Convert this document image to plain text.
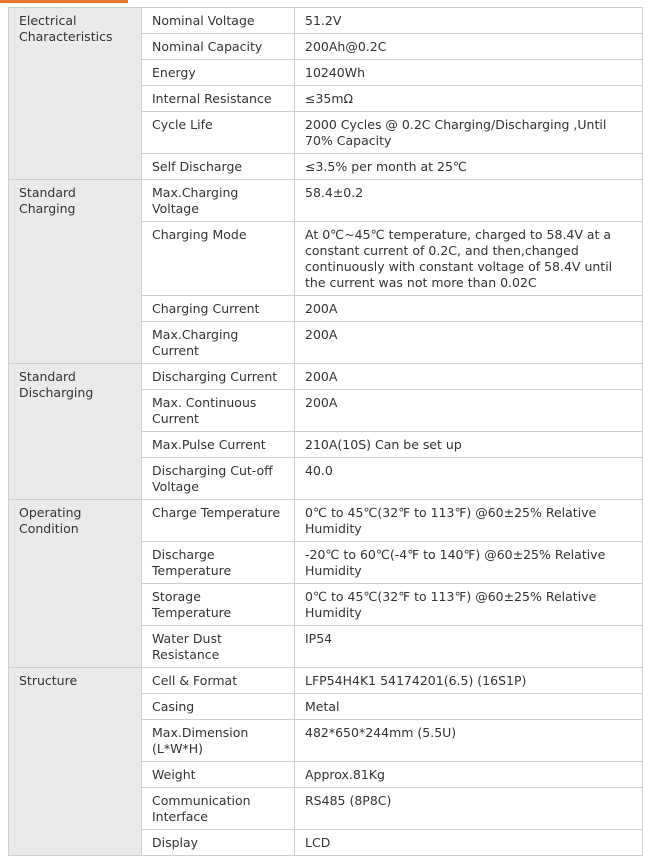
Electrical Characteristics	Nominal Voltage	51.2V
	Nominal Capacity	200Ah@0.2C
	Energy	10240Wh
	Internal Resistance	≤35mΩ
	Cycle Life	2000 Cycles @ 0.2C Charging/Discharging ,Until 70% Capacity
	Self Discharge	≤3.5% per month at 25℃
Standard Charging	Max.Charging Voltage	58.4±0.2
	Charging Mode	At 0℃~45℃ temperature, charged to 58.4V at a constant current of 0.2C, and then,changed continuously with constant voltage of 58.4V until the current was not more than 0.02C
	Charging Current	200A
	Max.Charging Current	200A
Standard Discharging	Discharging Current	200A
	Max. Continuous Current	200A
	Max.Pulse Current	210A(10S) Can be set up
	Discharging Cut-off Voltage	40.0
Operating Condition	Charge Temperature	0℃ to 45℃(32℉ to 113℉) @60±25% Relative Humidity
	Discharge Temperature	-20℃ to 60℃(-4℉ to 140℉) @60±25% Relative Humidity
	Storage Temperature	0℃ to 45℃(32℉ to 113℉) @60±25% Relative Humidity
	Water Dust Resistance	IP54
Structure	Cell & Format	LFP54H4K1 54174201(6.5) (16S1P)
	Casing	Metal
	Max.Dimension (L*W*H)	482*650*244mm (5.5U)
	Weight	Approx.81Kg
	Communication Interface	RS485 (8P8C)
	Display	LCD
